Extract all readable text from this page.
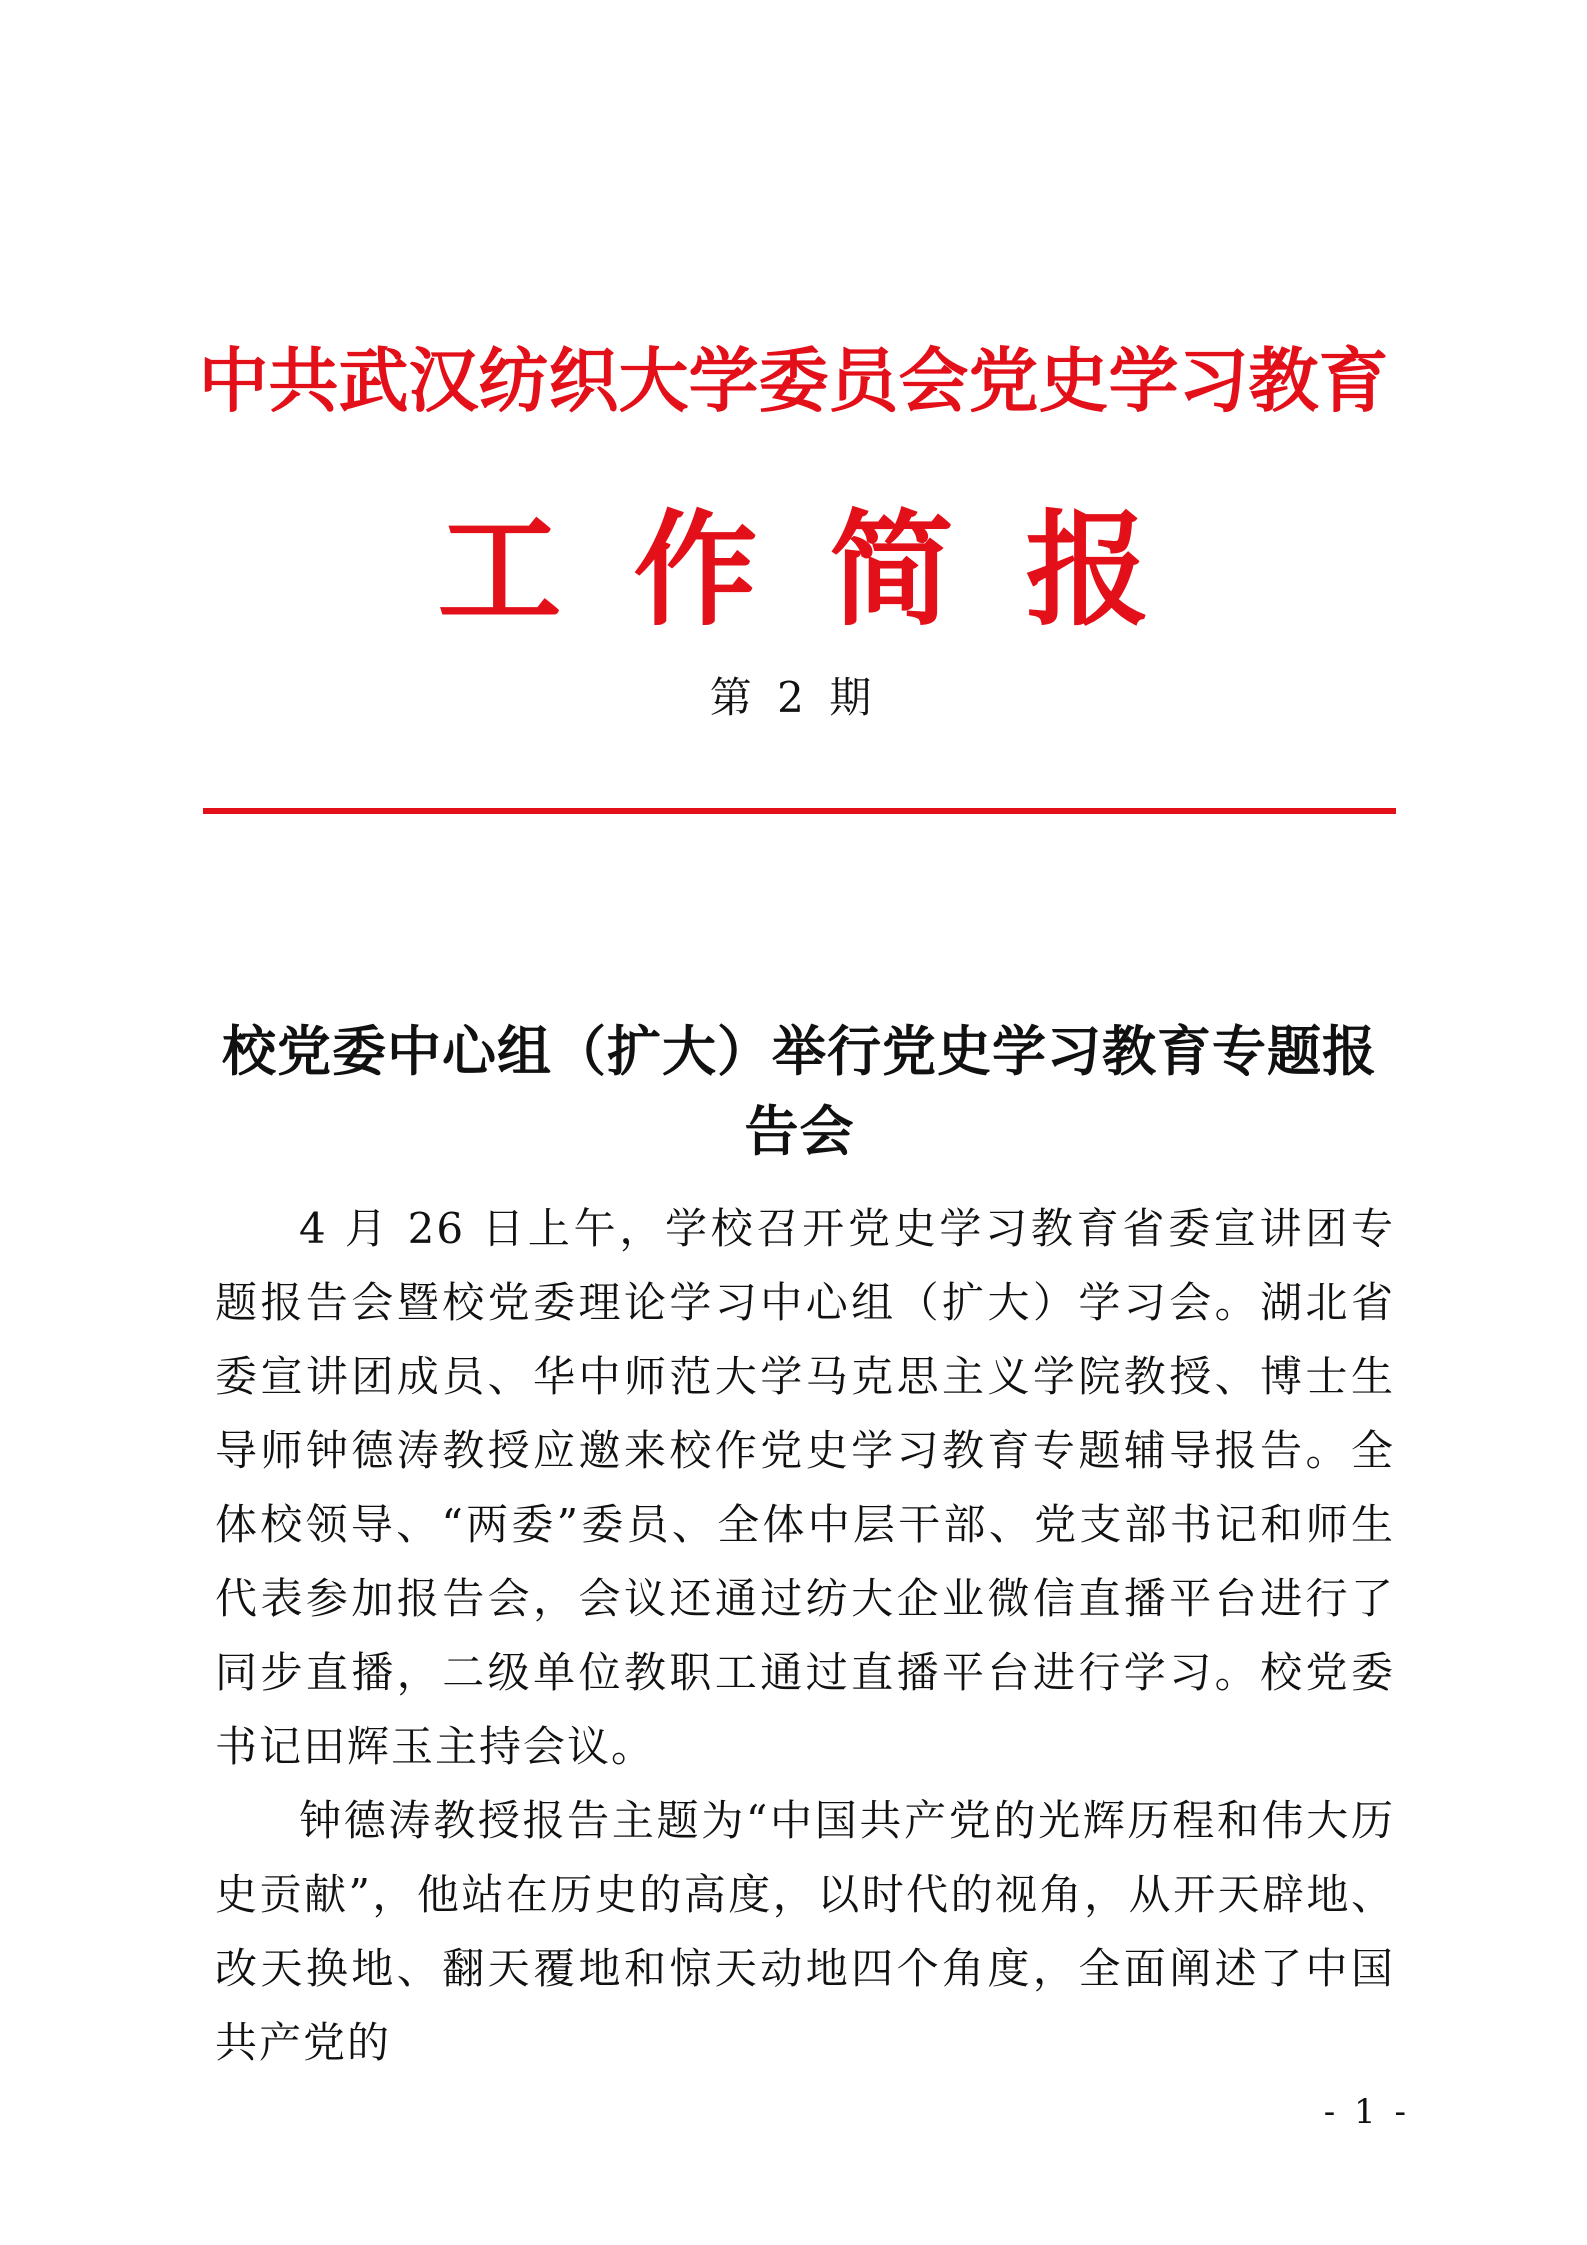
中共武汉纺织大学委员会党史学习教育
工作简报
第 2 期
校党委中心组（扩大）举行党史学习教育专题报告会

4 月 26 日上午，学校召开党史学习教育省委宣讲团专题报告会暨校党委理论学习中心组（扩大）学习会。湖北省委宣讲团成员、华中师范大学马克思主义学院教授、博士生导师钟德涛教授应邀来校作党史学习教育专题辅导报告。全体校领导、“两委”委员、全体中层干部、党支部书记和师生代表参加报告会，会议还通过纺大企业微信直播平台进行了同步直播，二级单位教职工通过直播平台进行学习。校党委书记田辉玉主持会议。

钟德涛教授报告主题为“中国共产党的光辉历程和伟大历史贡献”，他站在历史的高度，以时代的视角，从开天辟地、改天换地、翻天覆地和惊天动地四个角度，全面阐述了中国共产党的

- 1 -
